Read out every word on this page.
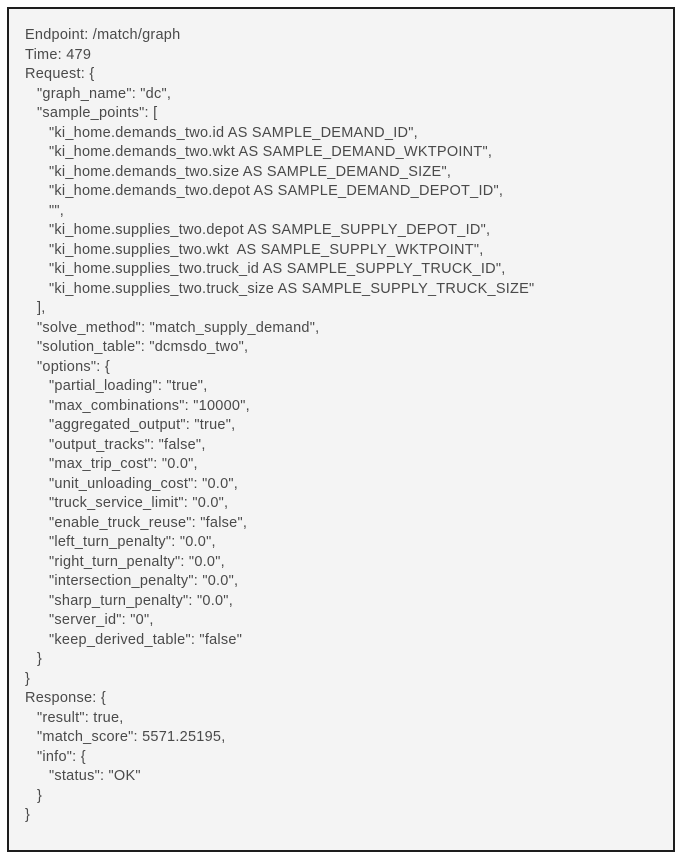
Endpoint: /match/graph
Time: 479
Request: {
"graph_name": "dc",
"sample_points": [
"ki_home.demands_two.id AS SAMPLE_DEMAND_ID",
"ki_home.demands_two.wkt AS SAMPLE_DEMAND_WKTPOINT",
"ki_home.demands_two.size AS SAMPLE_DEMAND_SIZE",
"ki_home.demands_two.depot AS SAMPLE_DEMAND_DEPOT_ID",
"",
"ki_home.supplies_two.depot AS SAMPLE_SUPPLY_DEPOT_ID",
"ki_home.supplies_two.wkt  AS SAMPLE_SUPPLY_WKTPOINT",
"ki_home.supplies_two.truck_id AS SAMPLE_SUPPLY_TRUCK_ID",
"ki_home.supplies_two.truck_size AS SAMPLE_SUPPLY_TRUCK_SIZE"
],
"solve_method": "match_supply_demand",
"solution_table": "dcmsdo_two",
"options": {
"partial_loading": "true",
"max_combinations": "10000",
"aggregated_output": "true",
"output_tracks": "false",
"max_trip_cost": "0.0",
"unit_unloading_cost": "0.0",
"truck_service_limit": "0.0",
"enable_truck_reuse": "false",
"left_turn_penalty": "0.0",
"right_turn_penalty": "0.0",
"intersection_penalty": "0.0",
"sharp_turn_penalty": "0.0",
"server_id": "0",
"keep_derived_table": "false"
}
}
Response: {
"result": true,
"match_score": 5571.25195,
"info": {
"status": "OK"
}
}
